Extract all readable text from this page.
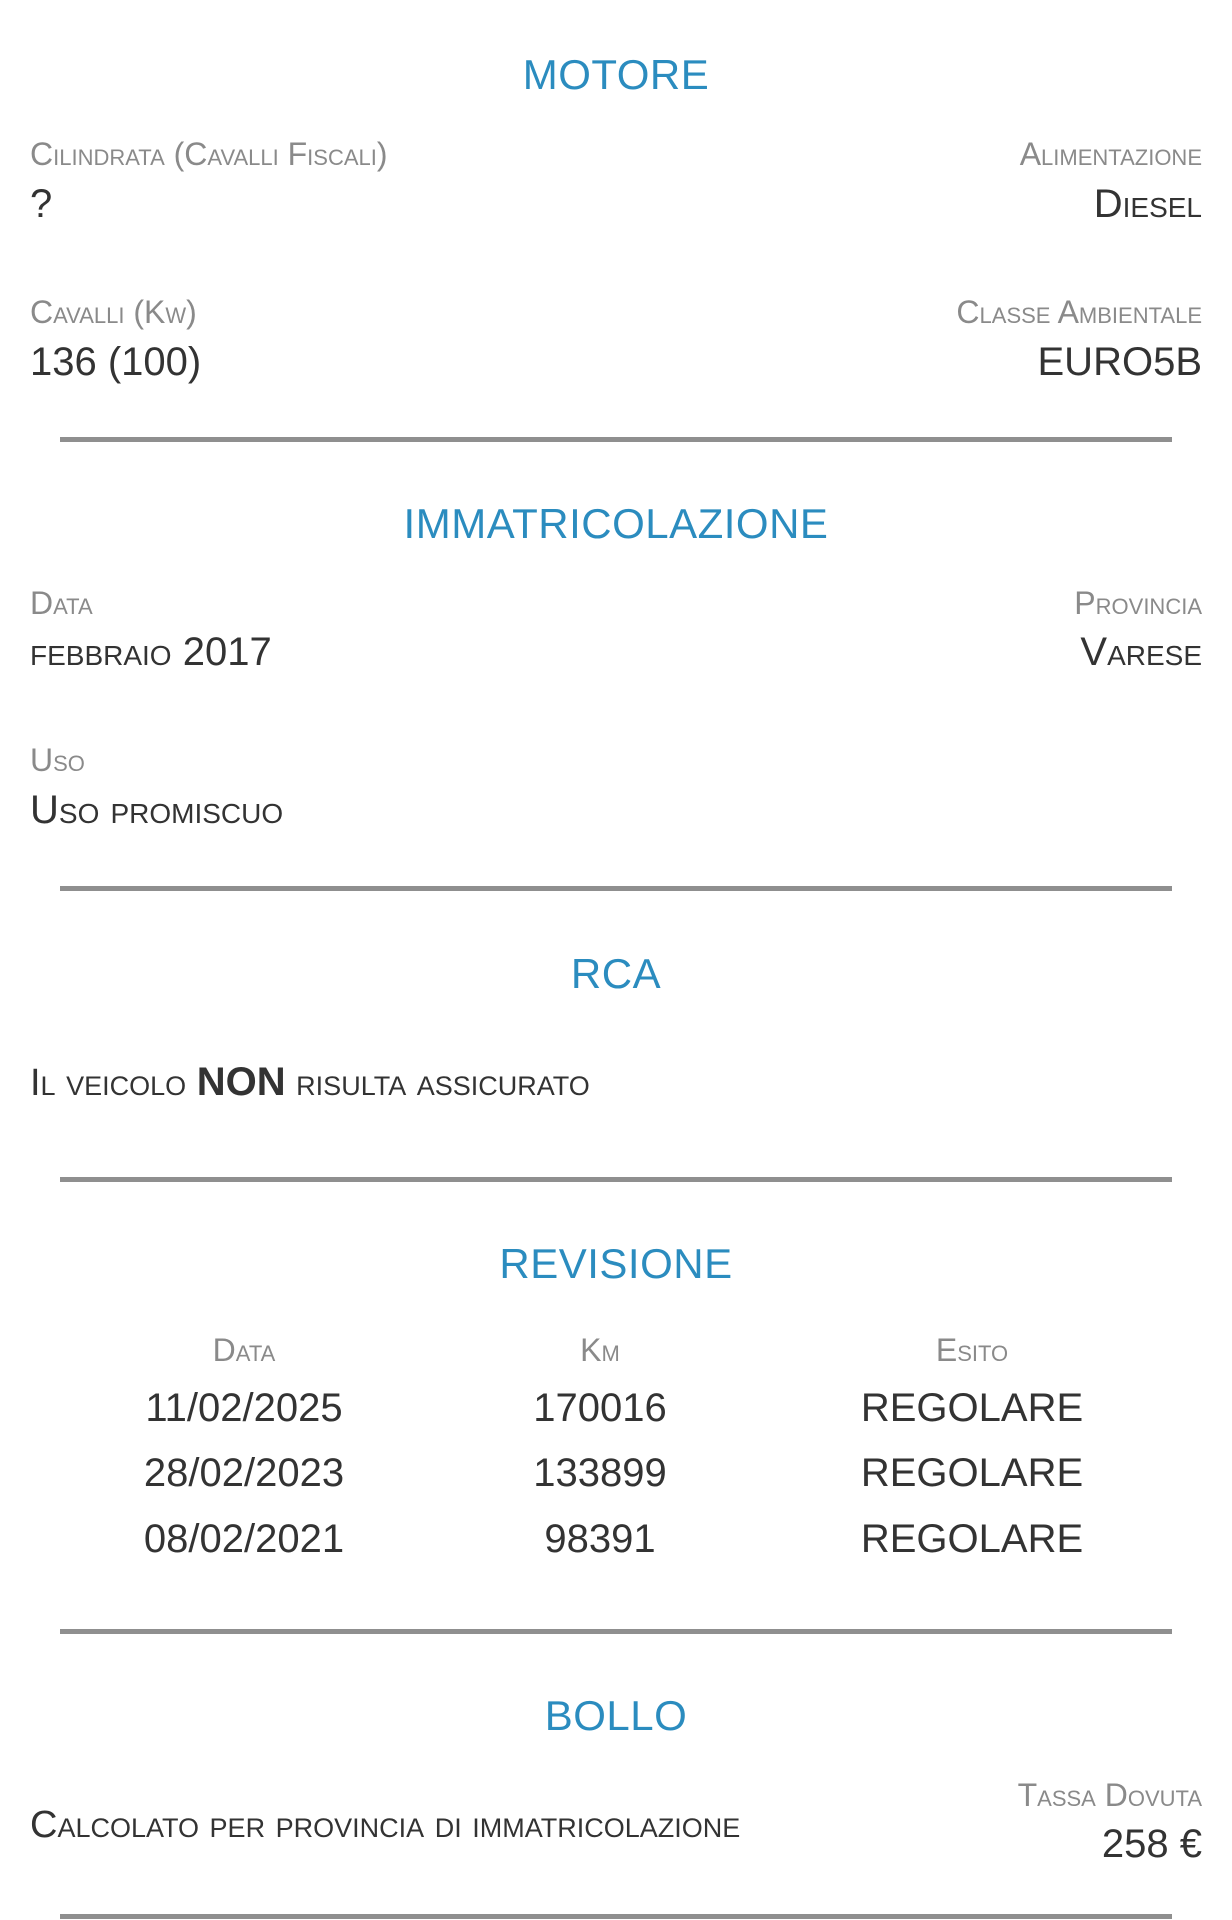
MOTORE
Cilindrata (Cavalli Fiscali)
?
Alimentazione
Diesel
Cavalli (Kw)
136 (100)
Classe Ambientale
EURO5B
IMMATRICOLAZIONE
Data
febbraio 2017
Provincia
Varese
Uso
Uso promiscuo
RCA
Il veicolo NON risulta assicurato
REVISIONE
Data	Km	Esito
11/02/2025	170016	REGOLARE
28/02/2023	133899	REGOLARE
08/02/2021	98391	REGOLARE
BOLLO
Calcolato per provincia di immatricolazione
Tassa Dovuta
258 €
